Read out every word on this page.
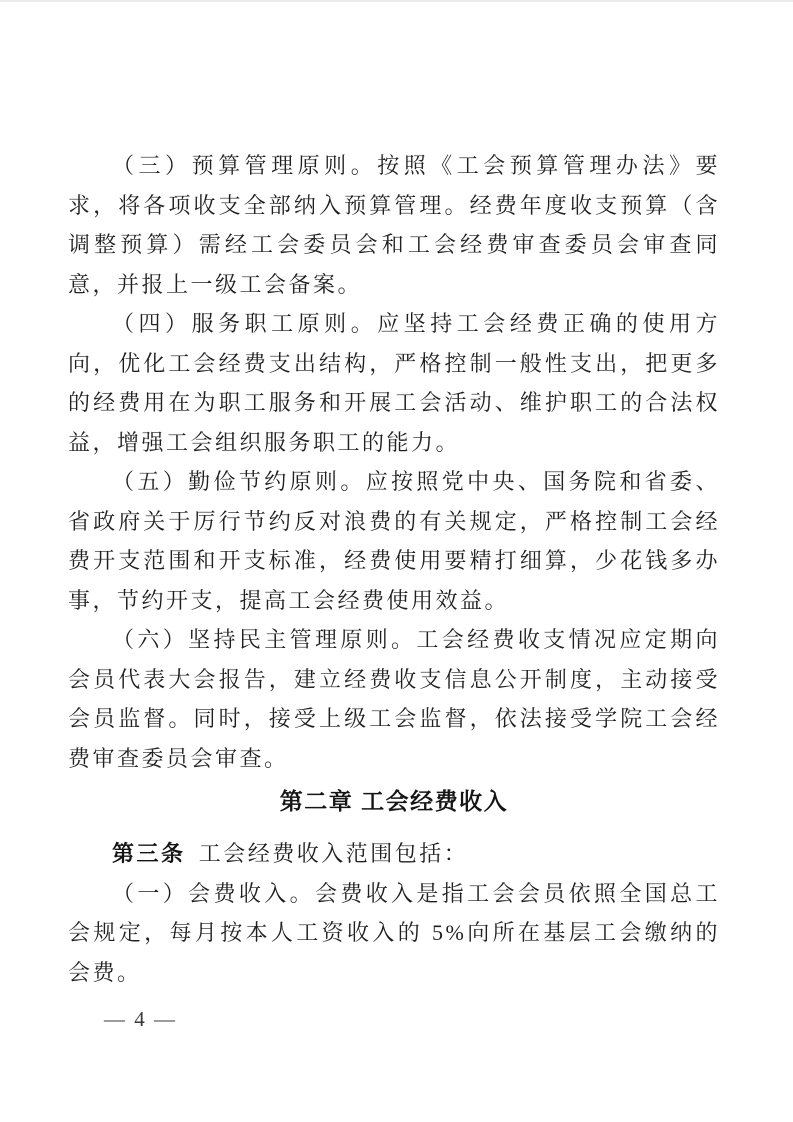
（三）预算管理原则。按照《工会预算管理办法》要求，将各项收支全部纳入预算管理。经费年度收支预算（含调整预算）需经工会委员会和工会经费审查委员会审查同意，并报上一级工会备案。

（四）服务职工原则。应坚持工会经费正确的使用方向，优化工会经费支出结构，严格控制一般性支出，把更多的经费用在为职工服务和开展工会活动、维护职工的合法权益，增强工会组织服务职工的能力。

（五）勤俭节约原则。应按照党中央、国务院和省委、省政府关于厉行节约反对浪费的有关规定，严格控制工会经费开支范围和开支标准，经费使用要精打细算，少花钱多办事，节约开支，提高工会经费使用效益。

（六）坚持民主管理原则。工会经费收支情况应定期向会员代表大会报告，建立经费收支信息公开制度，主动接受会员监督。同时，接受上级工会监督，依法接受学院工会经费审查委员会审查。

第二章 工会经费收入

第三条 工会经费收入范围包括：

（一）会费收入。会费收入是指工会会员依照全国总工会规定，每月按本人工资收入的 5%向所在基层工会缴纳的会费。

— 4 —
